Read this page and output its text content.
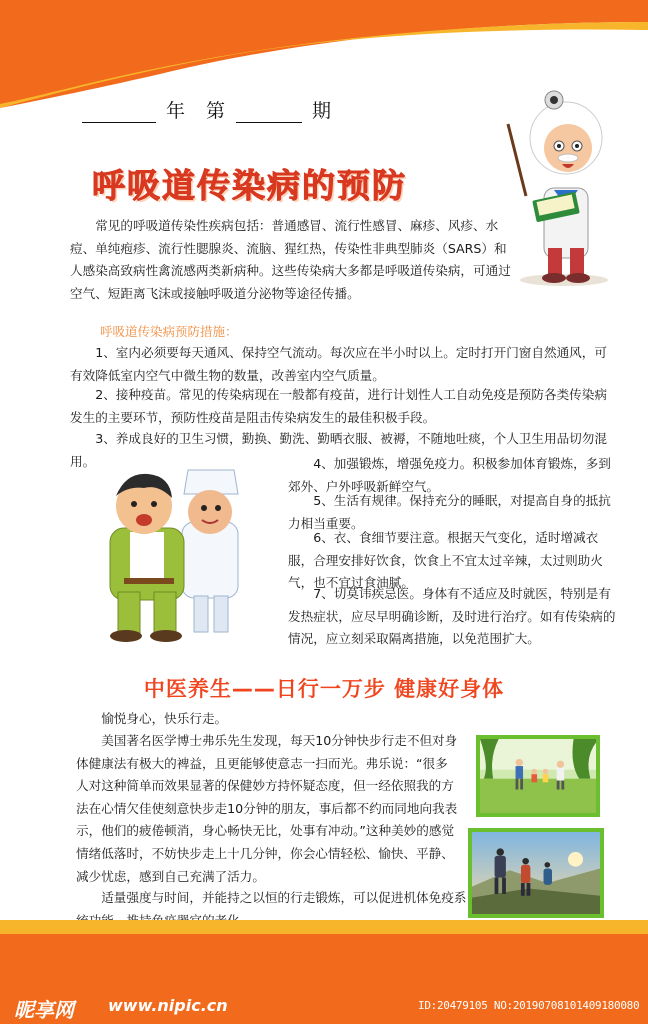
年 第	期
呼吸道传染病的预防

常见的呼吸道传染性疾病包括：普通感冒、流行性感冒、麻疹、风疹、水痘、单纯疱疹、流行性腮腺炎、流脑、猩红热，传染性非典型肺炎（SARS）和人感染高致病性禽流感两类新病种。这些传染病大多都是呼吸道传染病，可通过空气、短距离飞沫或接触呼吸道分泌物等途径传播。

呼吸道传染病预防措施：

1、室内必须要每天通风、保持空气流动。每次应在半小时以上。定时打开门窗自然通风，可有效降低室内空气中微生物的数量，改善室内空气质量。

2、接种疫苗。常见的传染病现在一般都有疫苗，进行计划性人工自动免疫是预防各类传染病发生的主要环节，预防性疫苗是阻击传染病发生的最佳积极手段。

3、养成良好的卫生习惯，勤换、勤洗、勤晒衣服、被褥，不随地吐痰，个人卫生用品切勿混用。	4、加强锻炼，增强免疫力。积极参加体育锻炼，多到郊外、户外呼吸新鲜空气。

5、生活有规律。保持充分的睡眠，对提高自身的抵抗力相当重要。

6、衣、食细节要注意。根据天气变化，适时增减衣服，合理安排好饮食，饮食上不宜太过辛辣，太过则助火气，也不宜过食油腻。

7、切莫讳疾忌医。身体有不适应及时就医，特别是有发热症状，应尽早明确诊断，及时进行治疗。如有传染病的情况，应立刻采取隔离措施，以免范围扩大。

中医养生——日行一万步 健康好身体

愉悦身心，快乐行走。

美国著名医学博士弗乐先生发现，每天10分钟快步行走不但对身体健康法有极大的裨益，且更能够使意志一扫而光。弗乐说：“很多人对这种简单而效果显著的保健妙方持怀疑态度，但一经依照我的方法在心情欠佳使刻意快步走10分钟的朋友，事后都不约而同地向我表示，他们的疲倦顿消，身心畅快无比，处事有冲动。”这种美妙的感觉情绪低落时，不妨快步走上十几分钟，你会心情轻松、愉快、平静、减少忧虑，感到自己充满了活力。

适量强度与时间，并能持之以恒的行走锻炼，可以促进机体免疫系

昵享网 www.nipic.cn	ID:20479105 NO:20190708101409180080
